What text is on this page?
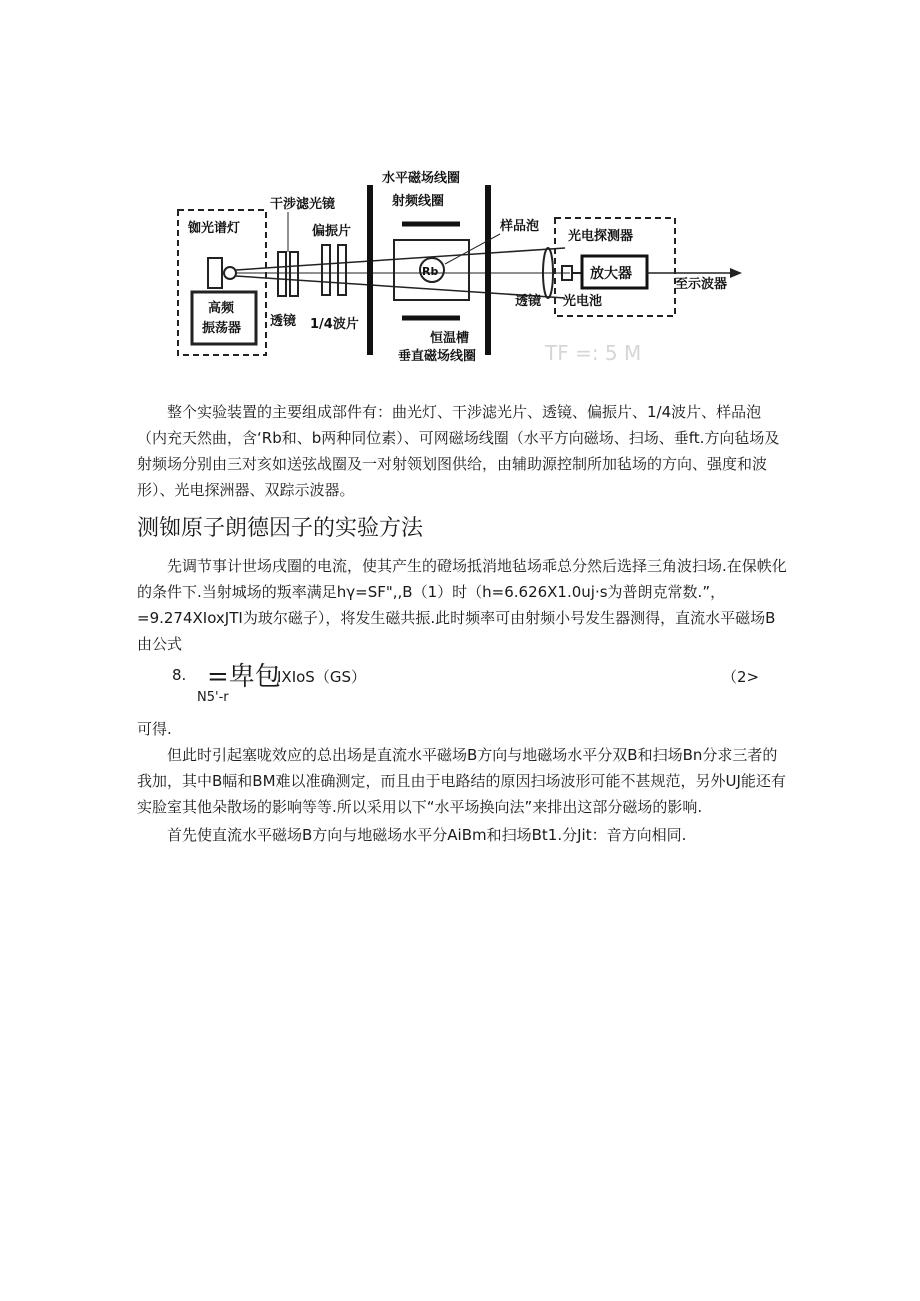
铷光谱灯
高频
振荡器
干涉滤光镜
透镜
偏振片
1/4波片
水平磁场线圈
射频线圈
Rb
恒温槽
垂直磁场线圈
样品泡
透镜
光电探测器
放大器
光电池
至示波器
TF =: 5 M
整个实验装置的主要组成部件有：曲光灯、干涉滤光片、透镜、偏振片、1/4波片、样品泡（内充天然曲，含‘Rb和、b两种同位素）、可网磁场线圈（水平方向磁场、扫场、垂ft.方向毡场及射频场分别由三对亥如送弦战圈及一对射领划图供给，由辅助源控制所加毡场的方向、强度和波形）、光电探洲器、双踪示波器。
测铷原子朗德因子的实验方法
先调节事计世场戌圈的电流，使其产生的磴场抵消地毡场乖总分然后选择三角波扫场.在保帙化的条件下.当射城场的叛率满足hγ=SF",,B（1）时（h=6.626X1.0uj·s为普朗克常数.”，=9.274XIoxJTI为玻尔磁子），将发生磁共振.此时频率可由射频小号发生器测得，直流水平磁场B由公式
8. =卑包
IXIoS（GS）	（2>
N5'-r
可得.
但此时引起塞咙效应的总出场是直流水平磁场B方向与地磁场水平分双B和扫场Bn分求三者的我加，其中B幅和BM难以准确测定，而且由于电路结的原因扫场波形可能不甚规范，另外UJ能还有实脸室其他朵散场的影响等等.所以采用以下“水平场换向法”来排出这部分磁场的影响.
首先使直流水平磁场B方向与地磁场水平分AiBm和扫场Bt1.分Jit：音方向相同.
